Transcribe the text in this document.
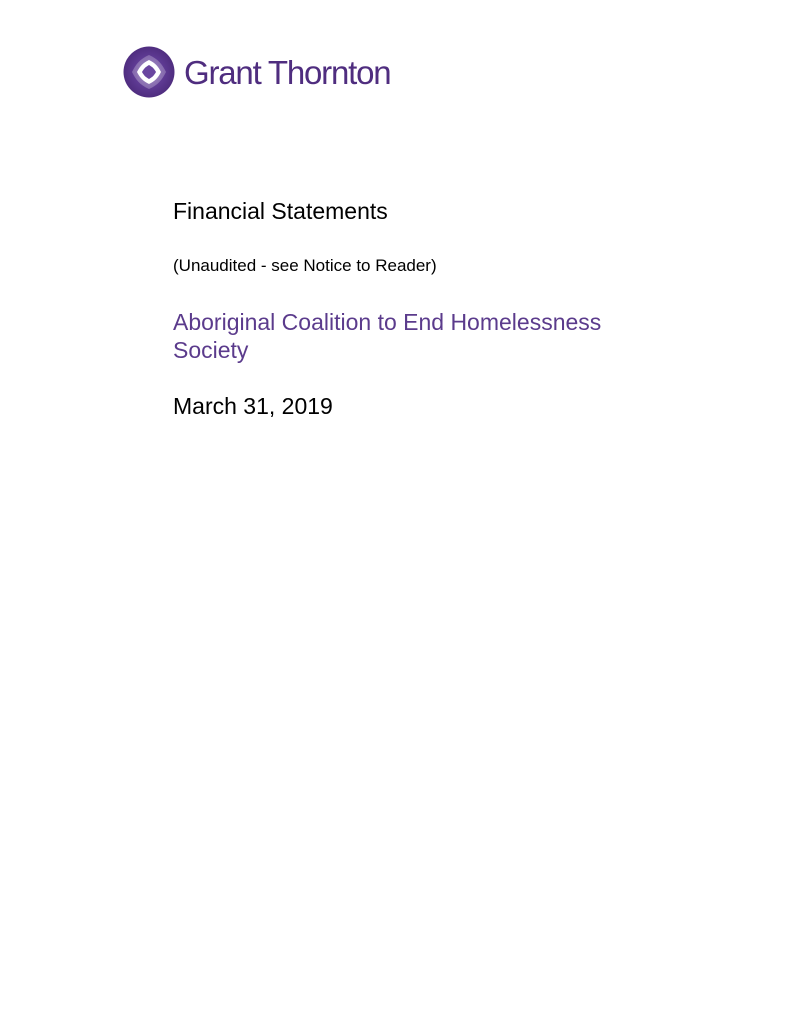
Grant Thornton
Financial Statements
(Unaudited - see Notice to Reader)
Aboriginal Coalition to End Homelessness
Society
March 31, 2019
